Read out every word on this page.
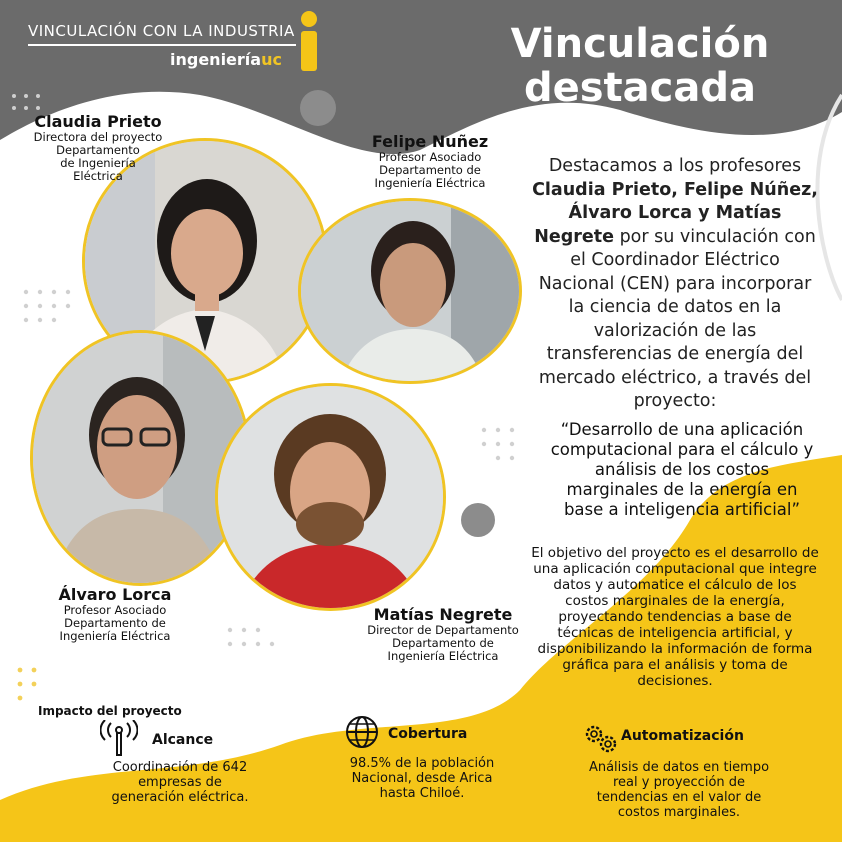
VINCULACIÓN CON LA INDUSTRIA
ingenieríauc	Vinculación
destacada
Claudia Prieto
Directora del proyecto
Departamento
de Ingeniería
Eléctrica
Felipe Nuñez
Profesor Asociado
Departamento de
Ingeniería Eléctrica
Álvaro Lorca
Profesor Asociado
Departamento de
Ingeniería Eléctrica
Matías Negrete
Director de Departamento
Departamento de
Ingeniería Eléctrica
Destacamos a los profesores Claudia Prieto, Felipe Núñez, Álvaro Lorca y Matías Negrete por su vinculación con el Coordinador Eléctrico Nacional (CEN) para incorporar la ciencia de datos en la valorización de las transferencias de energía del mercado eléctrico, a través del proyecto:
“Desarrollo de una aplicación computacional para el cálculo y análisis de los costos marginales de la energía en base a inteligencia artificial”
El objetivo del proyecto es el desarrollo de una aplicación computacional que integre datos y automatice el cálculo de los costos marginales de la energía, proyectando tendencias a base de técnicas de inteligencia artificial, y disponibilizando la información de forma gráfica para el análisis y toma de decisiones.
Impacto del proyecto
Alcance
Coordinación de 642 empresas de generación eléctrica.
Cobertura
98.5% de la población Nacional, desde Arica hasta Chiloé.
Automatización
Análisis de datos en tiempo real y proyección de tendencias en el valor de costos marginales.
